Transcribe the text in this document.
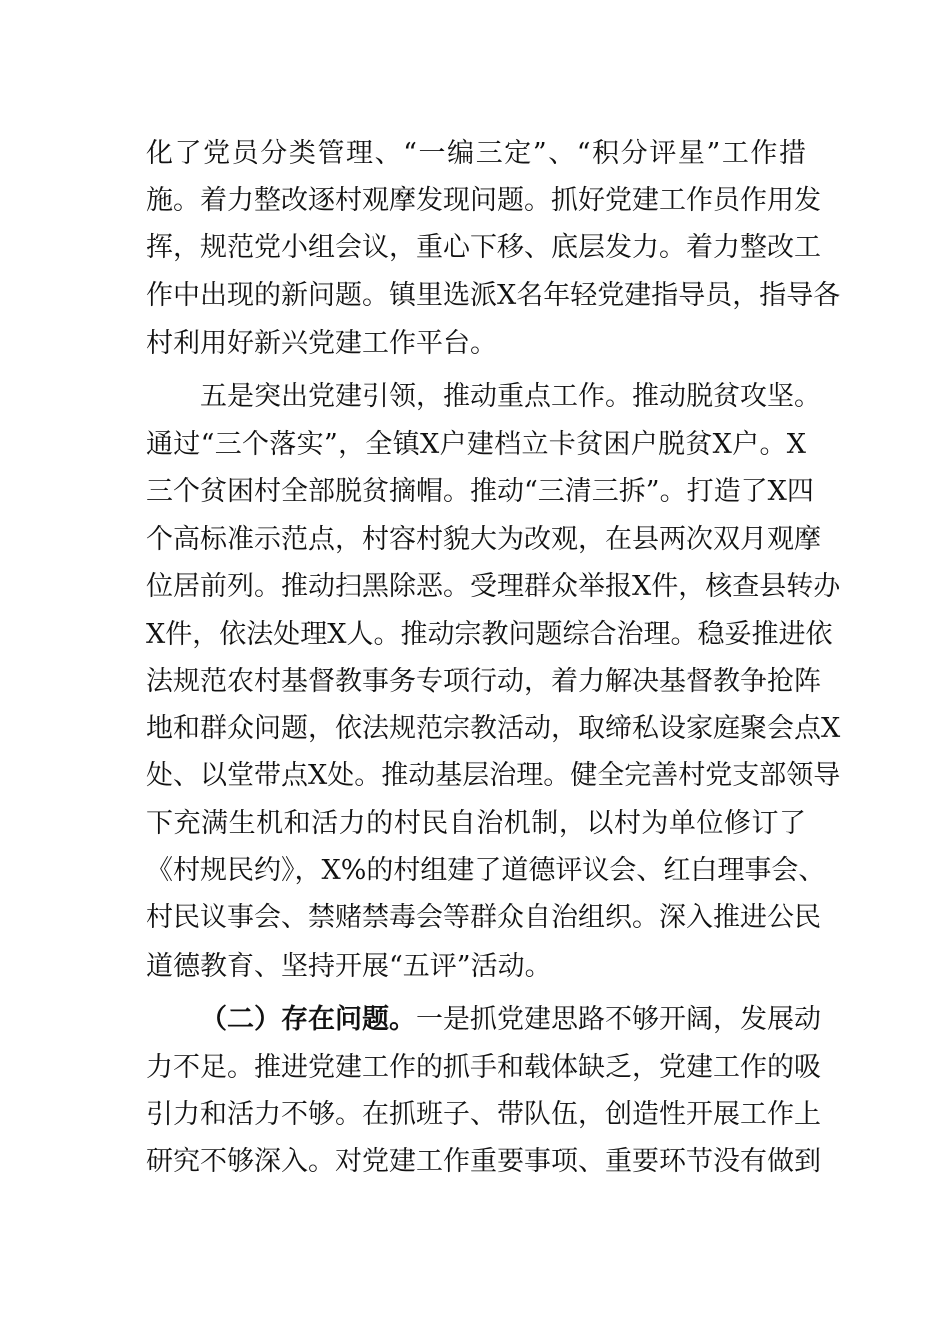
化了党员分类管理、“一编三定”、“积分评星”工作措
施。着力整改逐村观摩发现问题。抓好党建工作员作用发
挥，规范党小组会议，重心下移、底层发力。着力整改工
作中出现的新问题。镇里选派X名年轻党建指导员，指导各
村利用好新兴党建工作平台。
五是突出党建引领，推动重点工作。推动脱贫攻坚。
通过“三个落实”，全镇X户建档立卡贫困户脱贫X户。X
三个贫困村全部脱贫摘帽。推动“三清三拆”。打造了X四
个高标准示范点，村容村貌大为改观，在县两次双月观摩
位居前列。推动扫黑除恶。受理群众举报X件，核查县转办
X件，依法处理X人。推动宗教问题综合治理。稳妥推进依
法规范农村基督教事务专项行动，着力解决基督教争抢阵
地和群众问题，依法规范宗教活动，取缔私设家庭聚会点X
处、以堂带点X处。推动基层治理。健全完善村党支部领导
下充满生机和活力的村民自治机制，以村为单位修订了
《村规民约》，X%的村组建了道德评议会、红白理事会、
村民议事会、禁赌禁毒会等群众自治组织。深入推进公民
道德教育、坚持开展“五评”活动。
（二）存在问题。一是抓党建思路不够开阔，发展动
力不足。推进党建工作的抓手和载体缺乏，党建工作的吸
引力和活力不够。在抓班子、带队伍，创造性开展工作上
研究不够深入。对党建工作重要事项、重要环节没有做到
